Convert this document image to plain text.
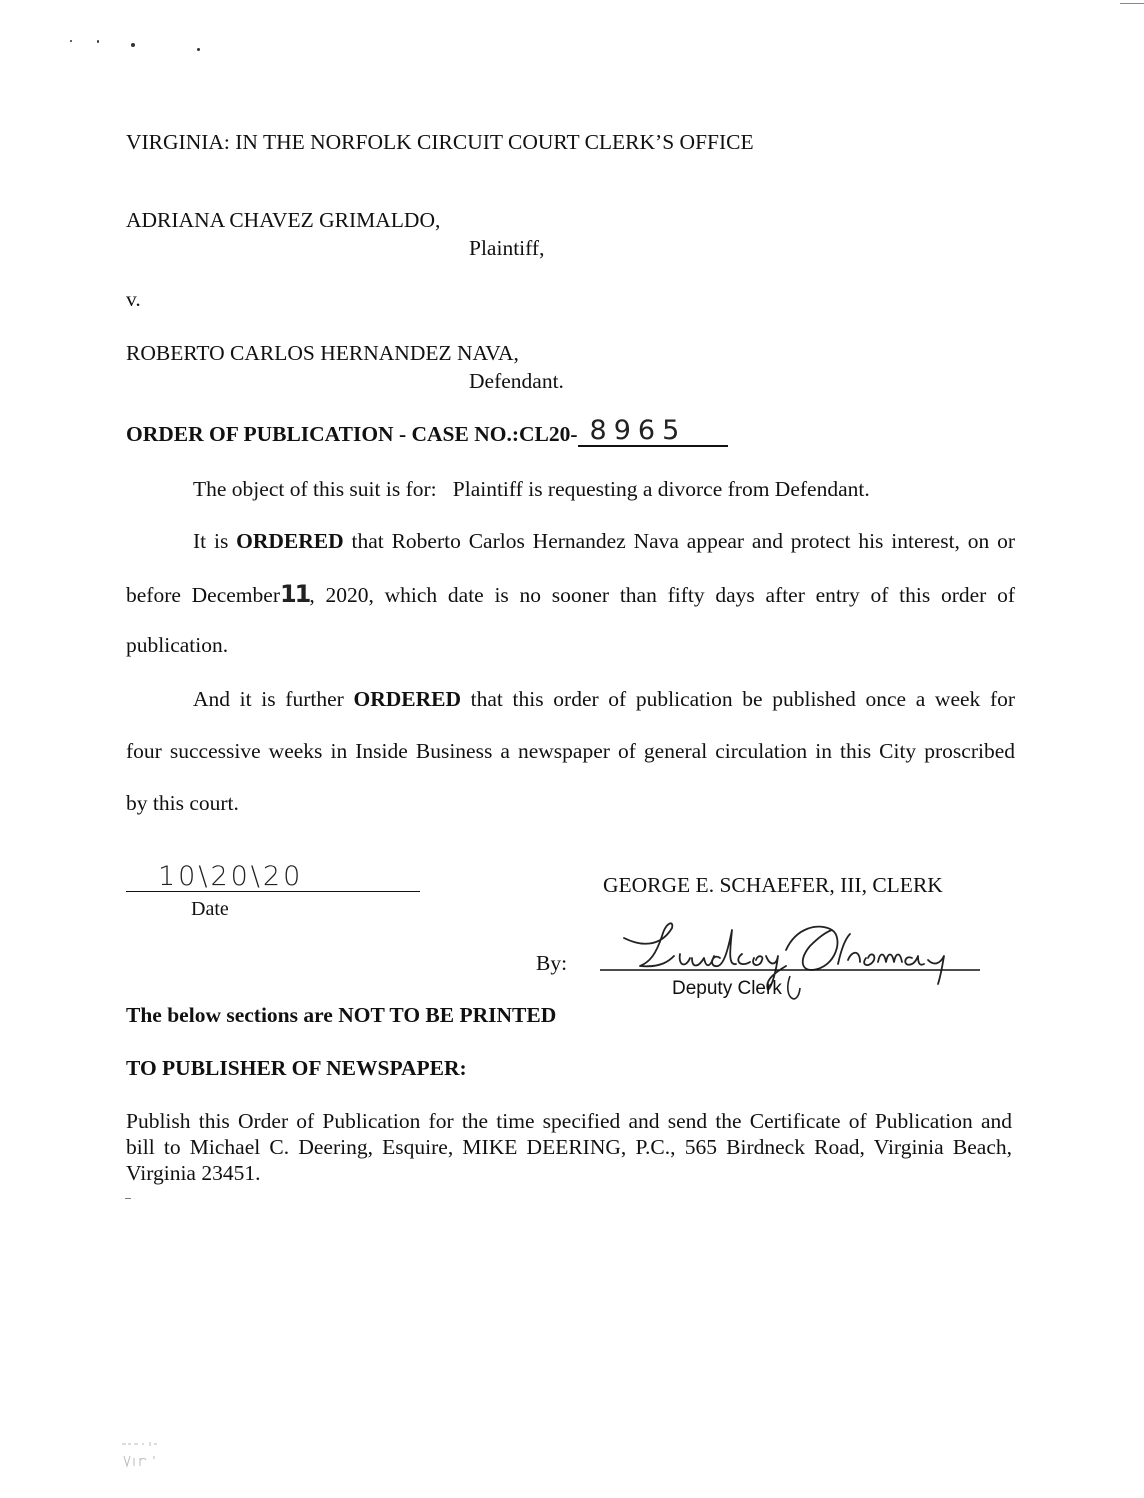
VIRGINIA: IN THE NORFOLK CIRCUIT COURT CLERK’S OFFICE
ADRIANA CHAVEZ GRIMALDO,
Plaintiff,
v.
ROBERTO CARLOS HERNANDEZ NAVA,
Defendant.
ORDER OF PUBLICATION - CASE NO.:CL20- 8965
The object of this suit is for: Plaintiff is requesting a divorce from Defendant.
It is ORDERED that Roberto Carlos Hernandez Nava appear and protect his interest, on or
before December11, 2020, which date is no sooner than fifty days after entry of this order of
publication.
And it is further ORDERED that this order of publication be published once a week for
four successive weeks in Inside Business a newspaper of general circulation in this City proscribed
by this court.
10\20\20
Date
GEORGE E. SCHAEFER, III, CLERK
By:
Deputy Clerk
The below sections are NOT TO BE PRINTED
TO PUBLISHER OF NEWSPAPER:
Publish this Order of Publication for the time specified and send the Certificate of Publication and
bill to Michael C. Deering, Esquire, MIKE DEERING, P.C., 565 Birdneck Road, Virginia Beach,
Virginia 23451.
